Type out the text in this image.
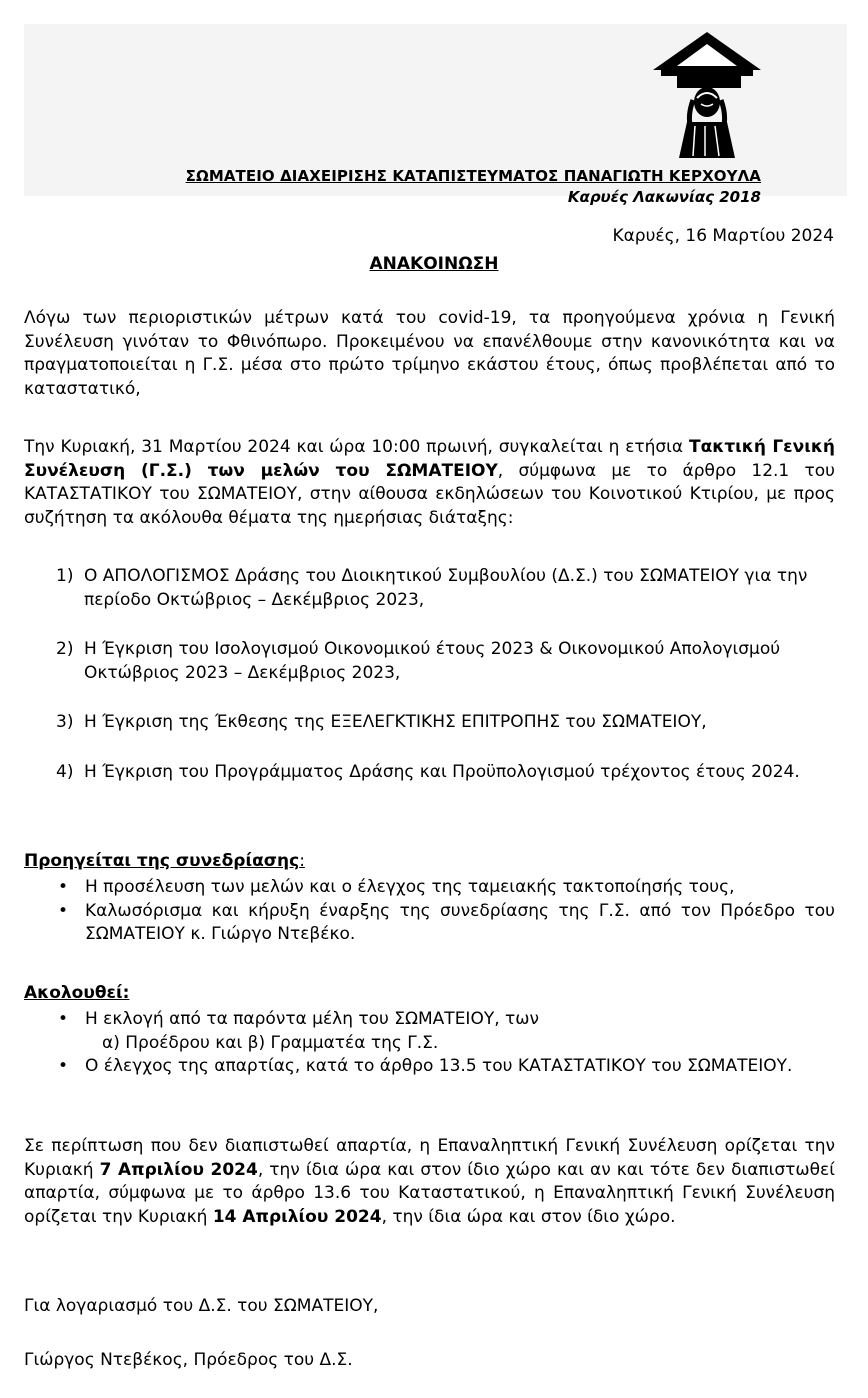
ΣΩΜΑΤΕΙΟ ΔΙΑΧΕΙΡΙΣΗΣ ΚΑΤΑΠΙΣΤΕΥΜΑΤΟΣ ΠΑΝΑΓΙΩΤΗ ΚΕΡΧΟΥΛΑ
Καρυές Λακωνίας 2018
Καρυές, 16 Μαρτίου 2024
ΑΝΑΚΟΙΝΩΣΗ
Λόγω των περιοριστικών μέτρων κατά του covid-19, τα προηγούμενα χρόνια η Γενική Συνέλευση γινόταν το Φθινόπωρο. Προκειμένου να επανέλθουμε στην κανονικότητα και να πραγματοποιείται η Γ.Σ. μέσα στο πρώτο τρίμηνο εκάστου έτους, όπως προβλέπεται από το καταστατικό,
Την Κυριακή, 31 Μαρτίου 2024 και ώρα 10:00 πρωινή, συγκαλείται η ετήσια Τακτική Γενική Συνέλευση (Γ.Σ.) των μελών του ΣΩΜΑΤΕΙΟΥ, σύμφωνα με το άρθρο 12.1 του ΚΑΤΑΣΤΑΤΙΚΟΥ του ΣΩΜΑΤΕΙΟΥ, στην αίθουσα εκδηλώσεων του Κοινοτικού Κτιρίου, με προς συζήτηση τα ακόλουθα θέματα της ημερήσιας διάταξης:
1) Ο ΑΠΟΛΟΓΙΣΜΟΣ Δράσης του Διοικητικού Συμβουλίου (Δ.Σ.) του ΣΩΜΑΤΕΙΟΥ για την περίοδο Οκτώβριος – Δεκέμβριος 2023,
2) Η Έγκριση του Ισολογισμού Οικονομικού έτους 2023 & Οικονομικού Απολογισμού Οκτώβριος 2023 – Δεκέμβριος 2023,
3) Η Έγκριση της Έκθεσης της ΕΞΕΛΕΓΚΤΙΚΗΣ ΕΠΙΤΡΟΠΗΣ του ΣΩΜΑΤΕΙΟΥ,
4) Η Έγκριση του Προγράμματος Δράσης και Προϋπολογισμού τρέχοντος έτους 2024.
Προηγείται της συνεδρίασης:
• Η προσέλευση των μελών και ο έλεγχος της ταμειακής τακτοποίησής τους,
• Καλωσόρισμα και κήρυξη έναρξης της συνεδρίασης της Γ.Σ. από τον Πρόεδρο του ΣΩΜΑΤΕΙΟΥ κ. Γιώργο Ντεβέκο.
Ακολουθεί:
• Η εκλογή από τα παρόντα μέλη του ΣΩΜΑΤΕΙΟΥ, των
α) Προέδρου και β) Γραμματέα της Γ.Σ.
• Ο έλεγχος της απαρτίας, κατά το άρθρο 13.5 του ΚΑΤΑΣΤΑΤΙΚΟΥ του ΣΩΜΑΤΕΙΟΥ.
Σε περίπτωση που δεν διαπιστωθεί απαρτία, η Επαναληπτική Γενική Συνέλευση ορίζεται την Κυριακή 7 Απριλίου 2024, την ίδια ώρα και στον ίδιο χώρο και αν και τότε δεν διαπιστωθεί απαρτία, σύμφωνα με το άρθρο 13.6 του Καταστατικού, η Επαναληπτική Γενική Συνέλευση ορίζεται την Κυριακή 14 Απριλίου 2024, την ίδια ώρα και στον ίδιο χώρο.
Για λογαριασμό του Δ.Σ. του ΣΩΜΑΤΕΙΟΥ,
Γιώργος Ντεβέκος, Πρόεδρος του Δ.Σ.
